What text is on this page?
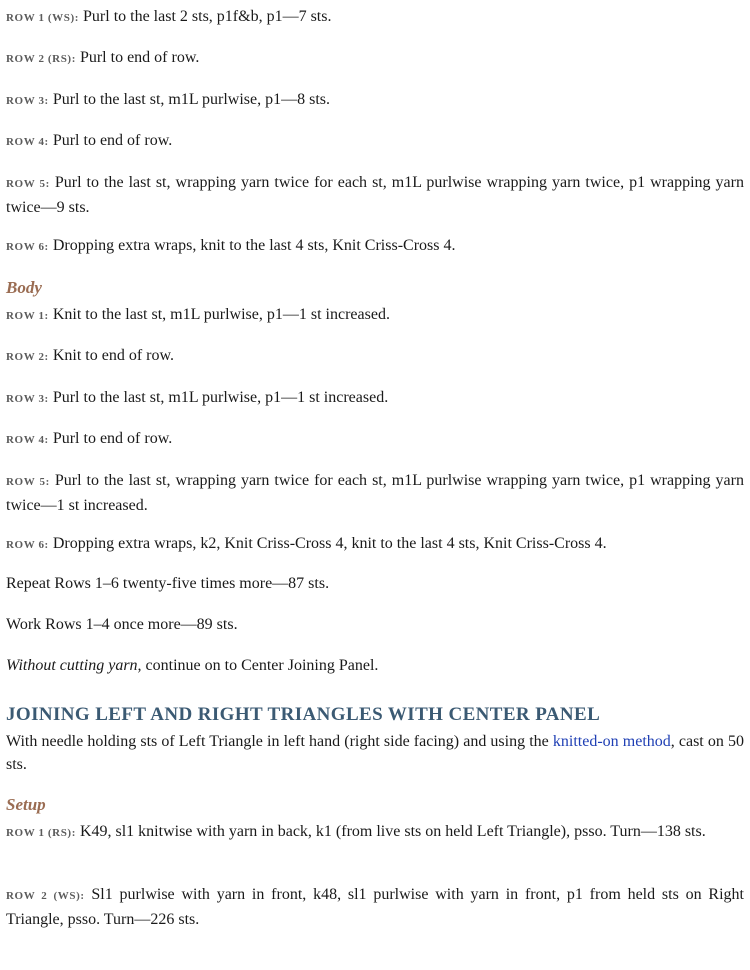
ROW 1 (WS): Purl to the last 2 sts, p1f&b, p1—7 sts.

ROW 2 (RS): Purl to end of row.

ROW 3: Purl to the last st, m1L purlwise, p1—8 sts.

ROW 4: Purl to end of row.

ROW 5: Purl to the last st, wrapping yarn twice for each st, m1L purlwise wrapping yarn twice, p1 wrapping yarn twice—9 sts.

ROW 6: Dropping extra wraps, knit to the last 4 sts, Knit Criss-Cross 4.

Body

ROW 1: Knit to the last st, m1L purlwise, p1—1 st increased.

ROW 2: Knit to end of row.

ROW 3: Purl to the last st, m1L purlwise, p1—1 st increased.

ROW 4: Purl to end of row.

ROW 5: Purl to the last st, wrapping yarn twice for each st, m1L purlwise wrapping yarn twice, p1 wrapping yarn twice—1 st increased.

ROW 6: Dropping extra wraps, k2, Knit Criss-Cross 4, knit to the last 4 sts, Knit Criss-Cross 4.

Repeat Rows 1–6 twenty-five times more—87 sts.

Work Rows 1–4 once more—89 sts.

Without cutting yarn, continue on to Center Joining Panel.

JOINING LEFT AND RIGHT TRIANGLES WITH CENTER PANEL

With needle holding sts of Left Triangle in left hand (right side facing) and using the knitted-on method, cast on 50 sts.

Setup

ROW 1 (RS): K49, sl1 knitwise with yarn in back, k1 (from live sts on held Left Triangle), psso. Turn—138 sts.

ROW 2 (WS): Sl1 purlwise with yarn in front, k48, sl1 purlwise with yarn in front, p1 from held sts on Right Triangle, psso. Turn—226 sts.
